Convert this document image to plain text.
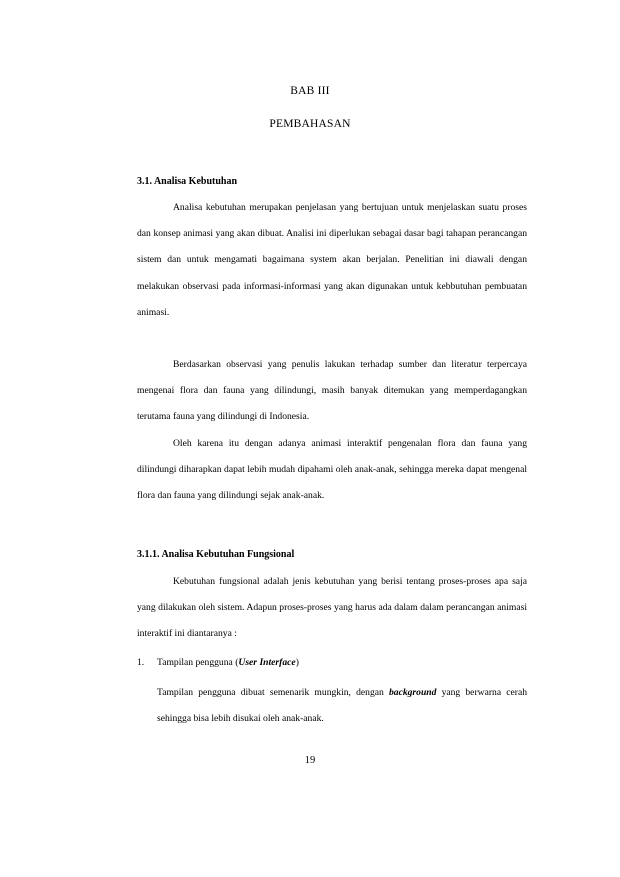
BAB III
PEMBAHASAN
3.1. Analisa Kebutuhan

Analisa kebutuhan merupakan penjelasan yang bertujuan untuk menjelaskan suatu proses dan konsep animasi yang akan dibuat. Analisi ini diperlukan sebagai dasar bagi tahapan perancangan sistem dan untuk mengamati bagaimana system akan berjalan. Penelitian ini diawali dengan melakukan observasi pada informasi-informasi yang akan digunakan untuk kebbutuhan pembuatan animasi.

Berdasarkan observasi yang penulis lakukan terhadap sumber dan literatur terpercaya mengenai flora dan fauna yang dilindungi, masih banyak ditemukan yang memperdagangkan terutama fauna yang dilindungi di Indonesia.

Oleh karena itu dengan adanya animasi interaktif pengenalan flora dan fauna yang dilindungi diharapkan dapat lebih mudah dipahami oleh anak-anak, sehingga mereka dapat mengenal flora dan fauna yang dilindungi sejak anak-anak.

3.1.1. Analisa Kebutuhan Fungsional

Kebutuhan fungsional adalah jenis kebutuhan yang berisi tentang proses-proses apa saja yang dilakukan oleh sistem. Adapun proses-proses yang harus ada dalam dalam perancangan animasi interaktif ini diantaranya :

1. Tampilan pengguna (User Interface)

Tampilan pengguna dibuat semenarik mungkin, dengan background yang berwarna cerah sehingga bisa lebih disukai oleh anak-anak.

19
